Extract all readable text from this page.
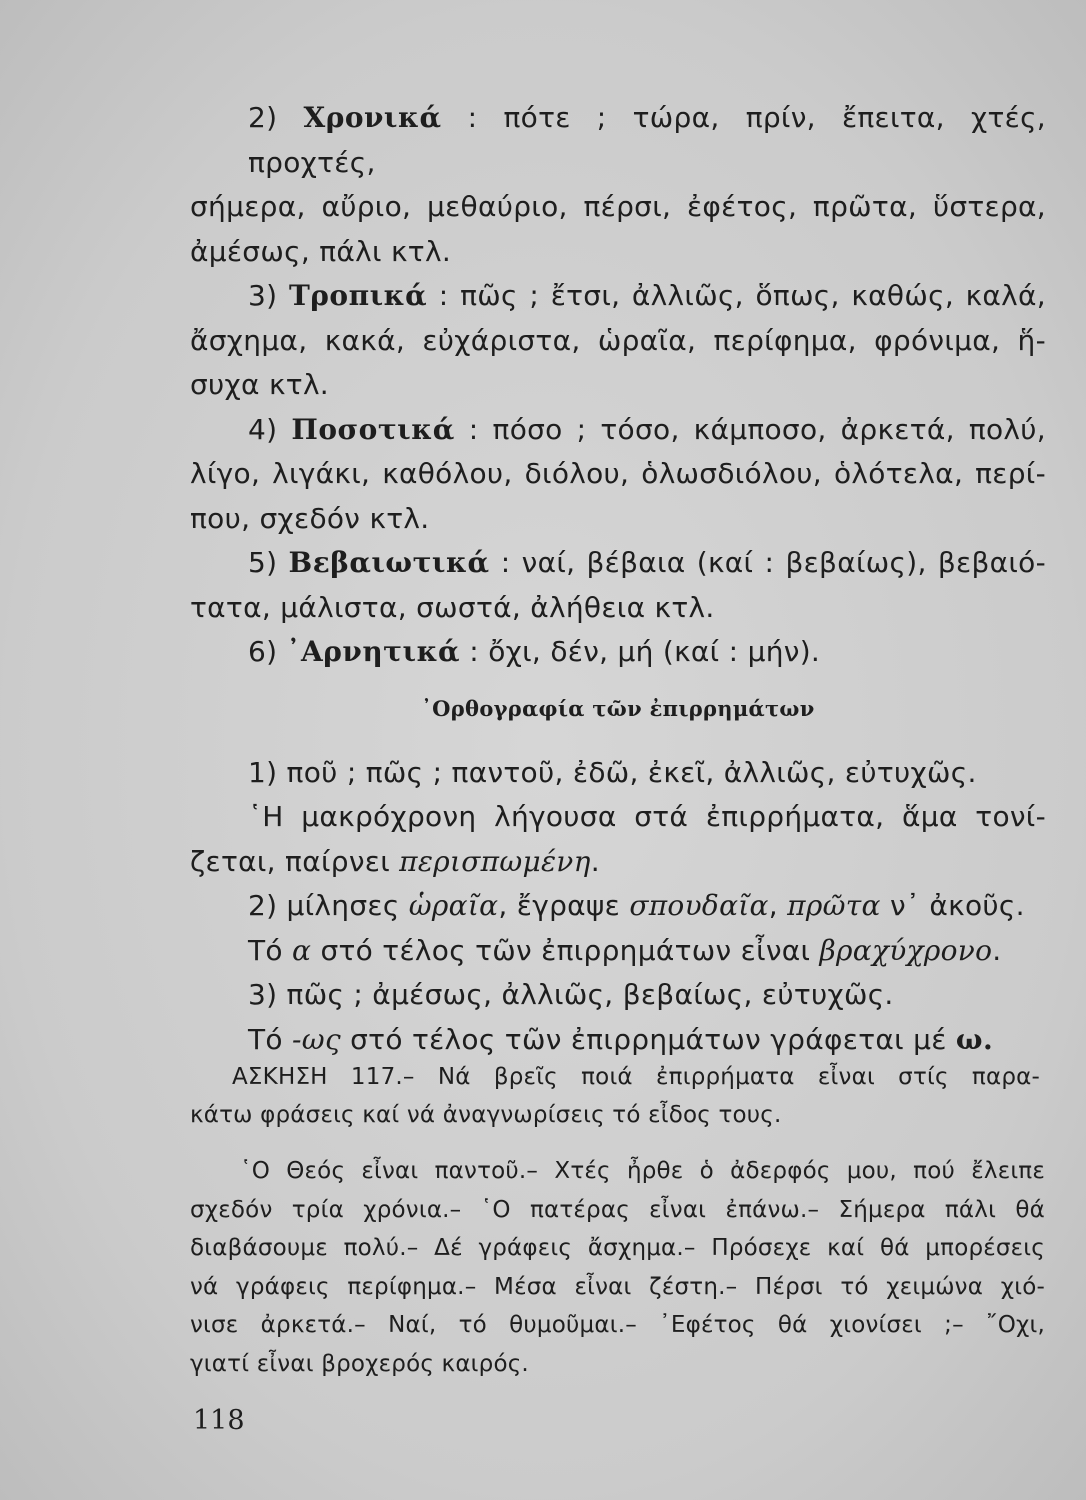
2) Χρονικά : πότε ; τώρα, πρίν, ἔπειτα, χτές, προχτές,
σήμερα, αὔριο, μεθαύριο, πέρσι, ἐφέτος, πρῶτα, ὕστερα,
ἀμέσως, πάλι κτλ.
3) Τροπικά : πῶς ; ἔτσι, ἀλλιῶς, ὅπως, καθώς, καλά,
ἄσχημα, κακά, εὐχάριστα, ὡραῖα, περίφημα, φρόνιμα, ἥ-
συχα κτλ.
4) Ποσοτικά : πόσο ; τόσο, κάμποσο, ἀρκετά, πολύ,
λίγο, λιγάκι, καθόλου, διόλου, ὁλωσδιόλου, ὁλότελα, περί-
που, σχεδόν κτλ.
5) Βεβαιωτικά : ναί, βέβαια (καί : βεβαίως), βεβαιό-
τατα, μάλιστα, σωστά, ἀλήθεια κτλ.
6) ᾿Αρνητικά : ὄχι, δέν, μή (καί : μήν).
᾿Ορθογραφία τῶν ἐπιρρημάτων
1) ποῦ ; πῶς ; παντοῦ, ἐδῶ, ἐκεῖ, ἀλλιῶς, εὐτυχῶς.
῾Η μακρόχρονη λήγουσα στά ἐπιρρήματα, ἅμα τονί-
ζεται, παίρνει περισπωμένη.
2) μίλησες ὡραῖα, ἔγραψε σπουδαῖα, πρῶτα ν᾿ ἀκοῦς.
Τό α στό τέλος τῶν ἐπιρρημάτων εἶναι βραχύχρονο.
3) πῶς ; ἀμέσως, ἀλλιῶς, βεβαίως, εὐτυχῶς.
Τό -ως στό τέλος τῶν ἐπιρρημάτων γράφεται μέ ω.
ΑΣΚΗΣΗ 117.– Νά βρεῖς ποιά ἐπιρρήματα εἶναι στίς παρα-
κάτω φράσεις καί νά ἀναγνωρίσεις τό εἶδος τους.
῾Ο Θεός εἶναι παντοῦ.– Χτές ἦρθε ὁ ἀδερφός μου, πού ἔλειπε
σχεδόν τρία χρόνια.– ῾Ο πατέρας εἶναι ἐπάνω.– Σήμερα πάλι θά
διαβάσουμε πολύ.– Δέ γράφεις ἄσχημα.– Πρόσεχε καί θά μπορέσεις
νά γράφεις περίφημα.– Μέσα εἶναι ζέστη.– Πέρσι τό χειμώνα χιό-
νισε ἀρκετά.– Ναί, τό θυμοῦμαι.– ᾿Εφέτος θά χιονίσει ;– ῎Οχι,
γιατί εἶναι βροχερός καιρός.
118
